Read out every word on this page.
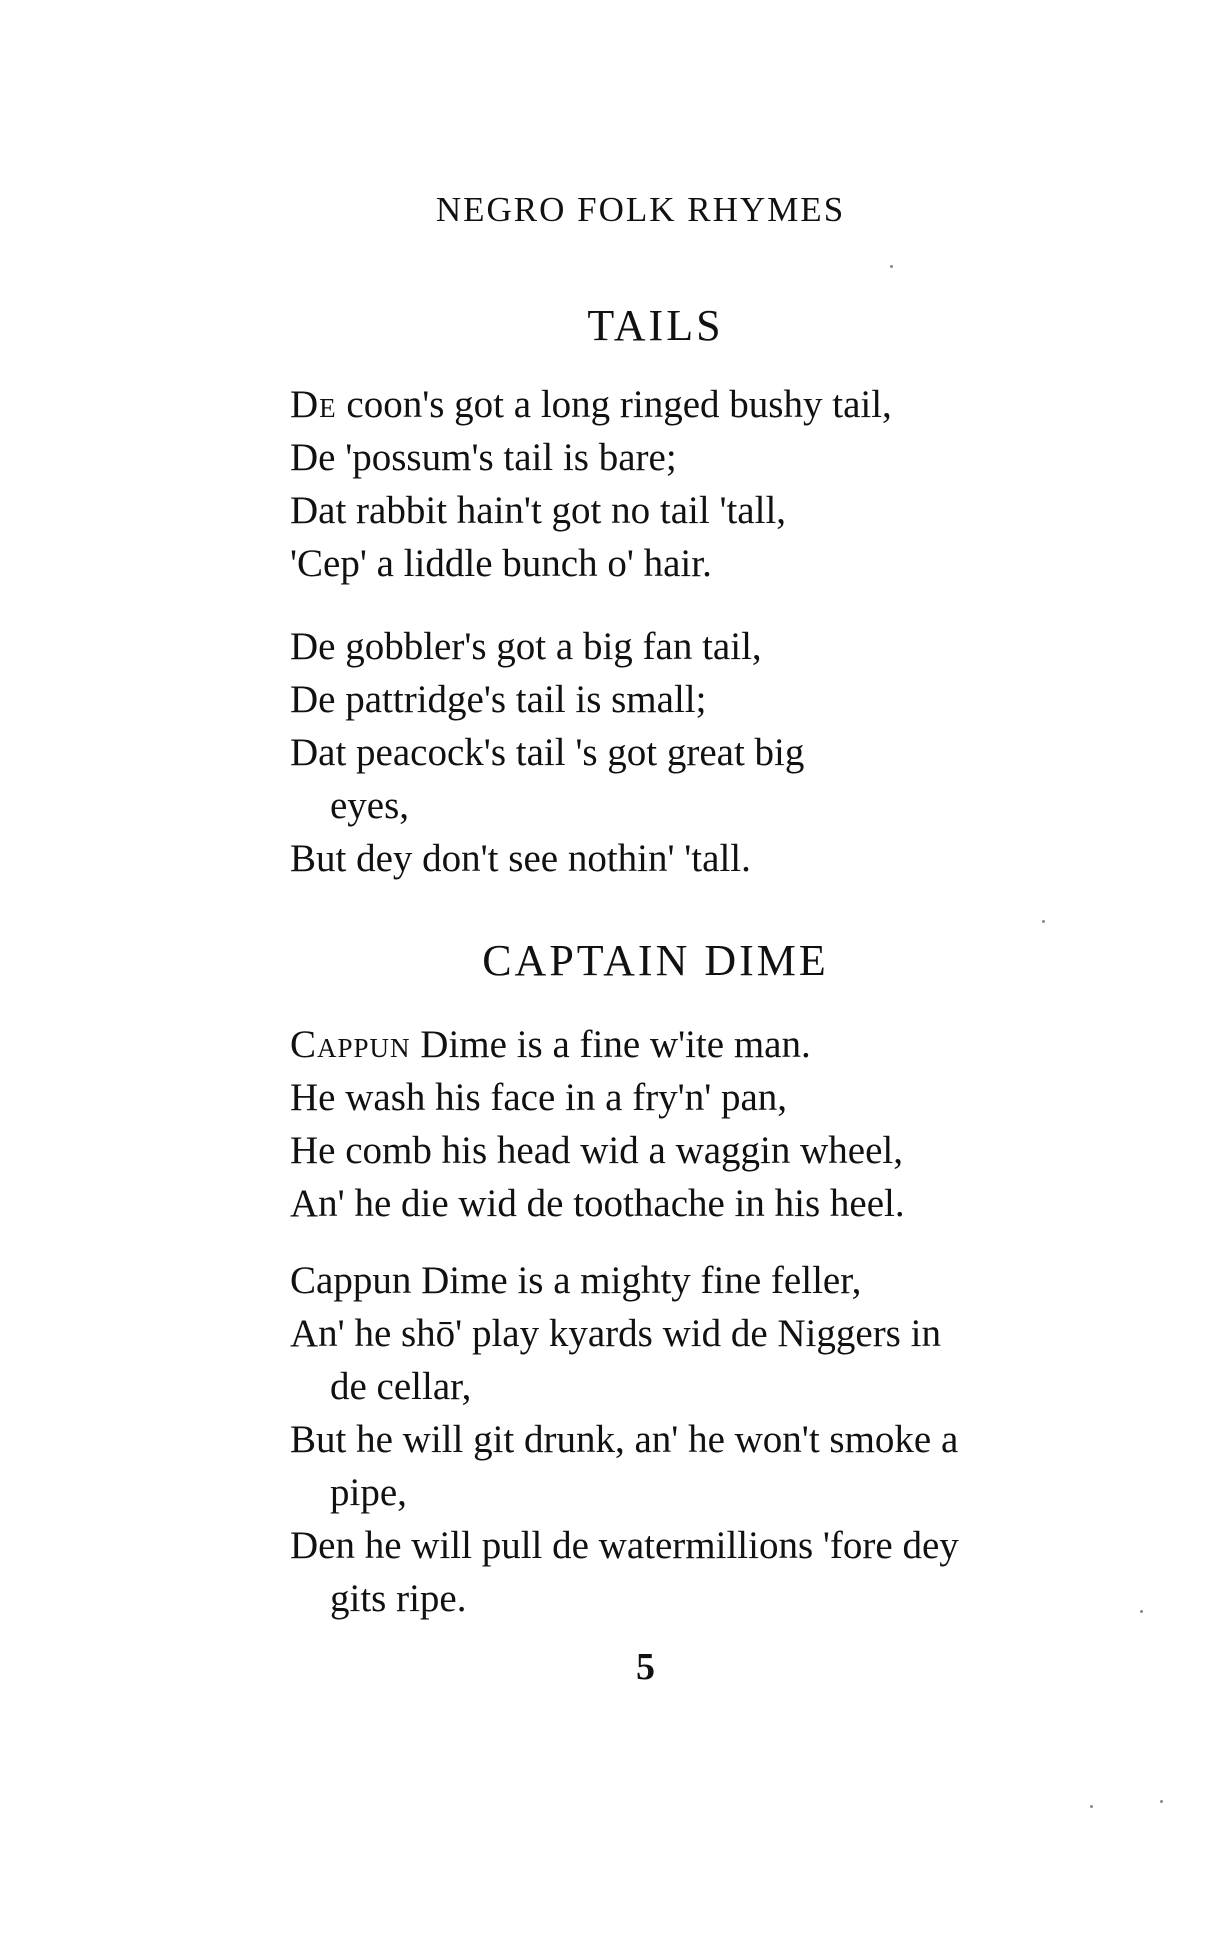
NEGRO FOLK RHYMES
TAILS
De coon's got a long ringed bushy tail,
De 'possum's tail is bare;
Dat rabbit hain't got no tail 'tall,
'Cep' a liddle bunch o' hair.
De gobbler's got a big fan tail,
De pattridge's tail is small;
Dat peacock's tail 's got great big
eyes,
But dey don't see nothin' 'tall.
CAPTAIN DIME
Cappun Dime is a fine w'ite man.
He wash his face in a fry'n' pan,
He comb his head wid a waggin wheel,
An' he die wid de toothache in his heel.
Cappun Dime is a mighty fine feller,
An' he shō' play kyards wid de Niggers in
de cellar,
But he will git drunk, an' he won't smoke a
pipe,
Den he will pull de watermillions 'fore dey
gits ripe.
5
